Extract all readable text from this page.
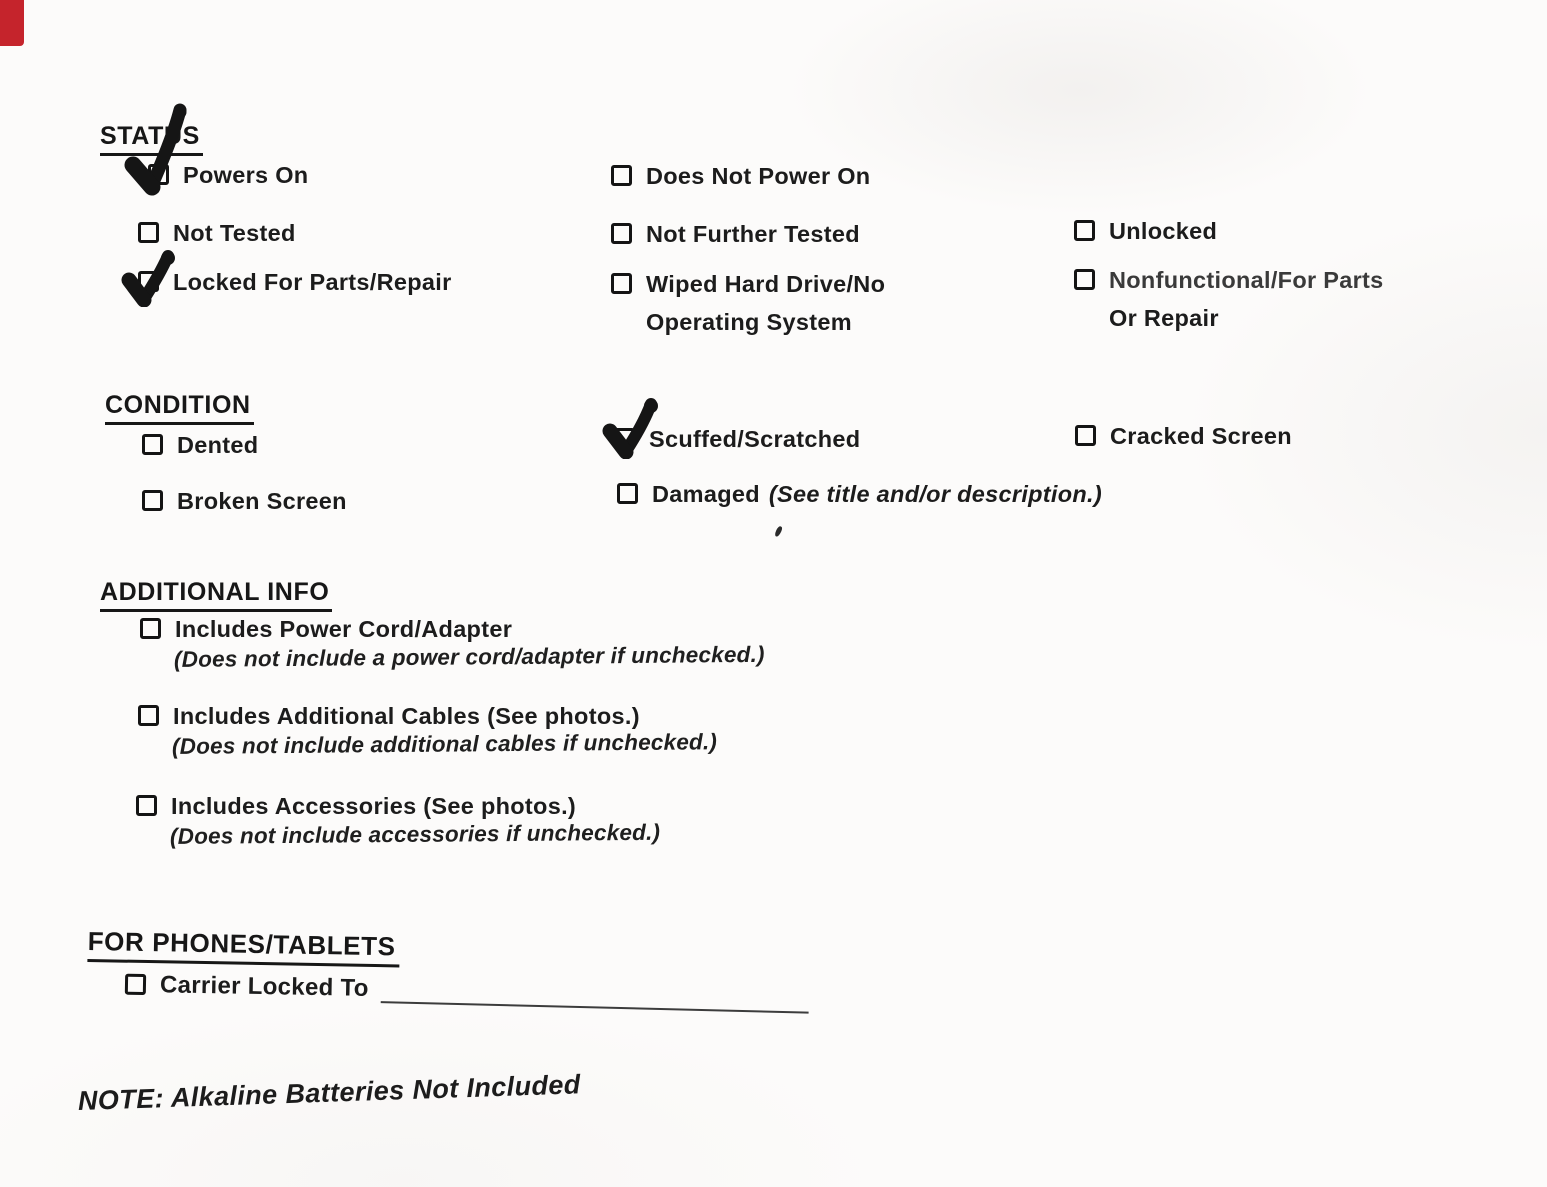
STATUS
Powers On
Not Tested
Locked For Parts/Repair
Does Not Power On
Not Further Tested
Wiped Hard Drive/No
Operating System
Unlocked
Nonfunctional/For Parts
Or Repair
CONDITION
Dented
Broken Screen
Scuffed/Scratched
Damaged (See title and/or description.)
Cracked Screen
ADDITIONAL INFO
Includes Power Cord/Adapter
(Does not include a power cord/adapter if unchecked.)
Includes Additional Cables (See photos.)
(Does not include additional cables if unchecked.)
Includes Accessories (See photos.)
(Does not include accessories if unchecked.)
FOR PHONES/TABLETS
Carrier Locked To
NOTE: Alkaline Batteries Not Included
